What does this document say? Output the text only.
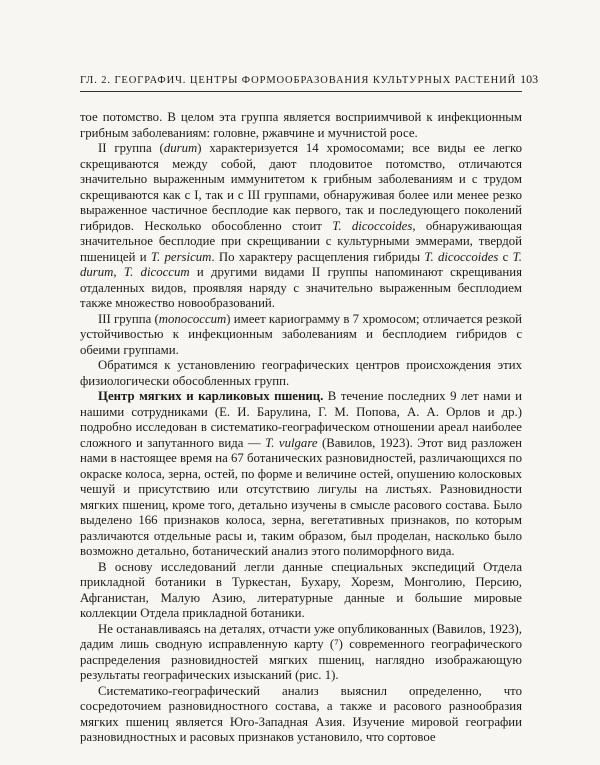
ГЛ. 2. ГЕОГРАФИЧ. ЦЕНТРЫ ФОРМООБРАЗОВАНИЯ КУЛЬТУРНЫХ РАСТЕНИЙ 103

тое потомство. В целом эта группа является восприимчивой к инфекционным грибным заболеваниям: головне, ржавчине и мучнистой росе.

II группа (durum) характеризуется 14 хромосомами; все виды ее легко скрещиваются между собой, дают плодовитое потомство, отличаются значительно выраженным иммунитетом к грибным заболеваниям и с трудом скрещиваются как с I, так и с III группами, обнаруживая более или менее резко выраженное частичное бесплодие как первого, так и последующего поколений гибридов. Несколько обособленно стоит T. dicoccoides, обнаруживающая значительное бесплодие при скрещивании с культурными эммерами, твердой пшеницей и T. persicum. По характеру расщепления гибриды T. dicoccoides с T. durum, T. dicoccum и другими видами II группы напоминают скрещивания отдаленных видов, проявляя наряду с значительно выраженным бесплодием также множество новообразований.

III группа (monococcum) имеет кариограмму в 7 хромосом; отличается резкой устойчивостью к инфекционным заболеваниям и бесплодием гибридов с обеими группами.

Обратимся к установлению географических центров происхождения этих физиологически обособленных групп.

Центр мягких и карликовых пшениц. В течение последних 9 лет нами и нашими сотрудниками (Е. И. Барулина, Г. М. Попова, А. А. Орлов и др.) подробно исследован в систематико-географическом отношении ареал наиболее сложного и запутанного вида — T. vulgare (Вавилов, 1923). Этот вид разложен нами в настоящее время на 67 ботанических разновидностей, различающихся по окраске колоса, зерна, остей, по форме и величине остей, опушению колосковых чешуй и присутствию или отсутствию лигулы на листьях. Разновидности мягких пшениц, кроме того, детально изучены в смысле расового состава. Было выделено 166 признаков колоса, зерна, вегетативных признаков, по которым различаются отдельные расы и, таким образом, был проделан, насколько было возможно детально, ботанический анализ этого полиморфного вида.

В основу исследований легли данные специальных экспедиций Отдела прикладной ботаники в Туркестан, Бухару, Хорезм, Монголию, Персию, Афганистан, Малую Азию, литературные данные и большие мировые коллекции Отдела прикладной ботаники.

Не останавливаясь на деталях, отчасти уже опубликованных (Вавилов, 1923), дадим лишь сводную исправленную карту (⁷) современного географического распределения разновидностей мягких пшениц, наглядно изображающую результаты географических изысканий (рис. 1).

Систематико-географический анализ выяснил определенно, что сосредоточием разновидностного состава, а также и расового разнообразия мягких пшениц является Юго-Западная Азия. Изучение мировой географии разновидностных и расовых признаков установило, что сортовое
